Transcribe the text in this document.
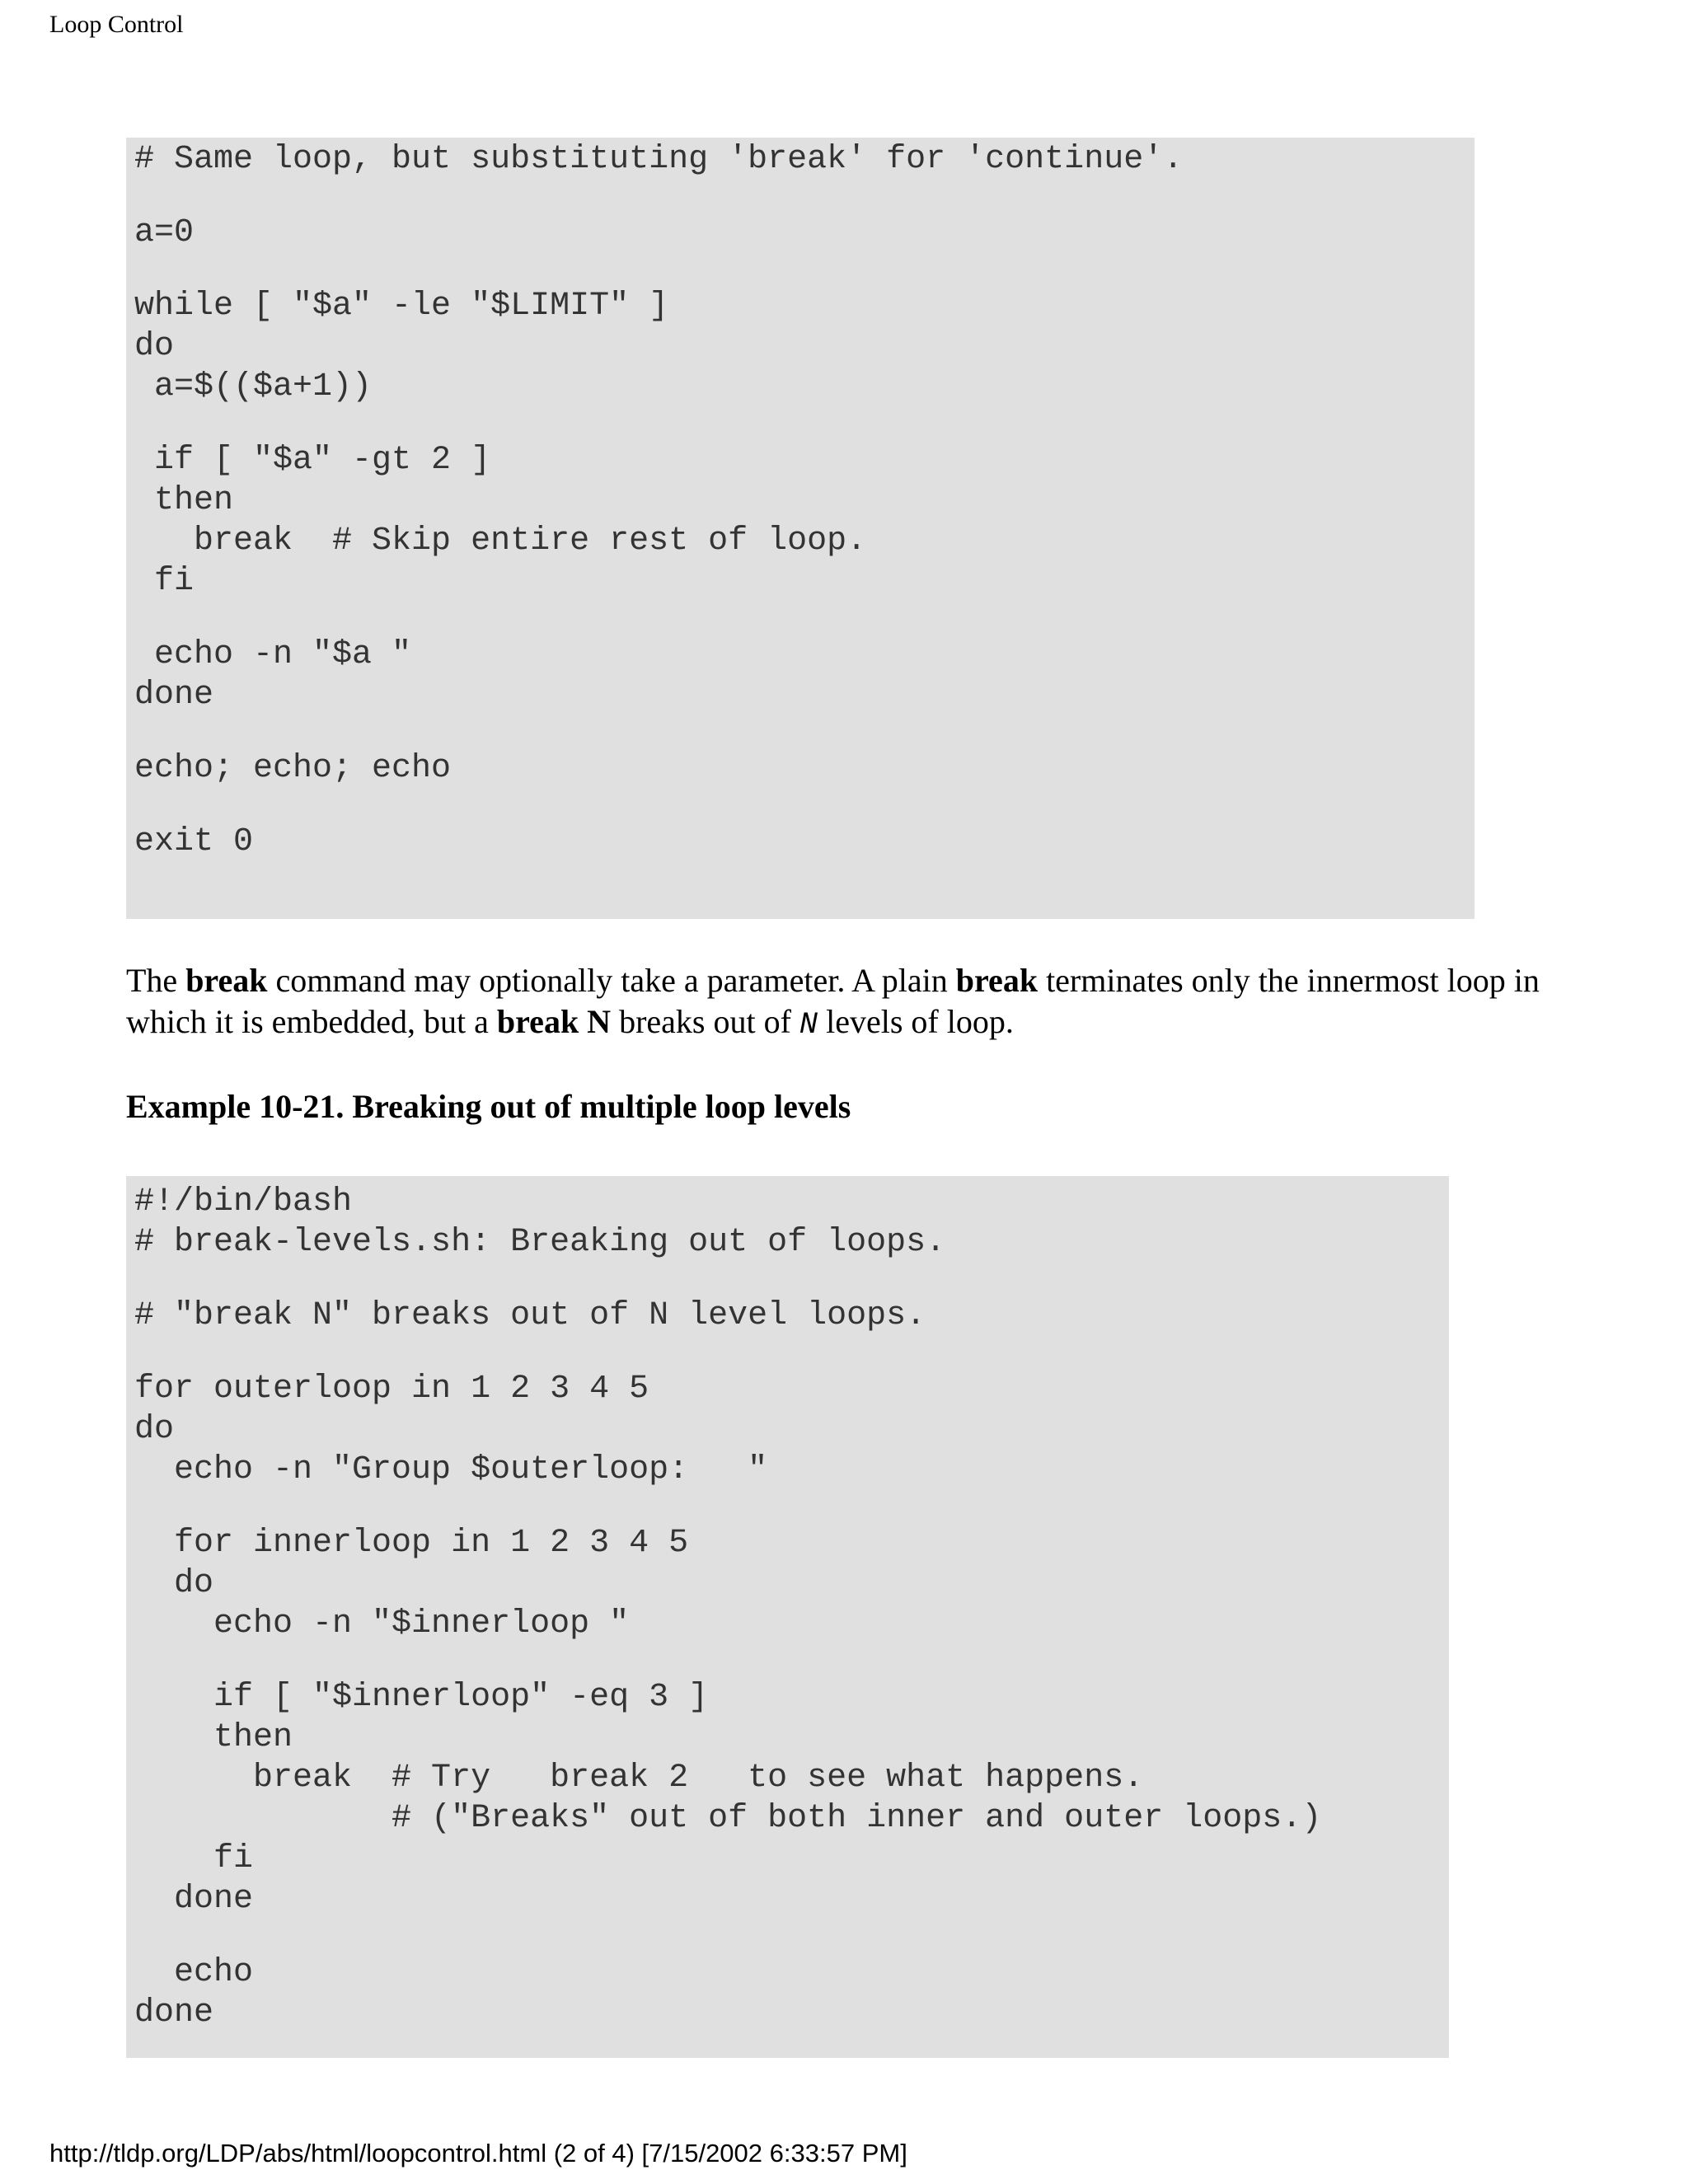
Loop Control
# Same loop, but substituting 'break' for 'continue'.
a=0
while [ "$a" -le "$LIMIT" ]
do
a=$(($a+1))
if [ "$a" -gt 2 ]
then
break  # Skip entire rest of loop.
fi
echo -n "$a "
done
echo; echo; echo
exit 0
The break command may optionally take a parameter. A plain break terminates only the innermost loop in which it is embedded, but a break N breaks out of N levels of loop.
Example 10-21. Breaking out of multiple loop levels
#!/bin/bash
# break-levels.sh: Breaking out of loops.
# "break N" breaks out of N level loops.
for outerloop in 1 2 3 4 5
do
echo -n "Group $outerloop:   "
for innerloop in 1 2 3 4 5
do
echo -n "$innerloop "
if [ "$innerloop" -eq 3 ]
then
break  # Try   break 2   to see what happens.
# ("Breaks" out of both inner and outer loops.)
fi
done
echo
done
http://tldp.org/LDP/abs/html/loopcontrol.html (2 of 4) [7/15/2002 6:33:57 PM]
